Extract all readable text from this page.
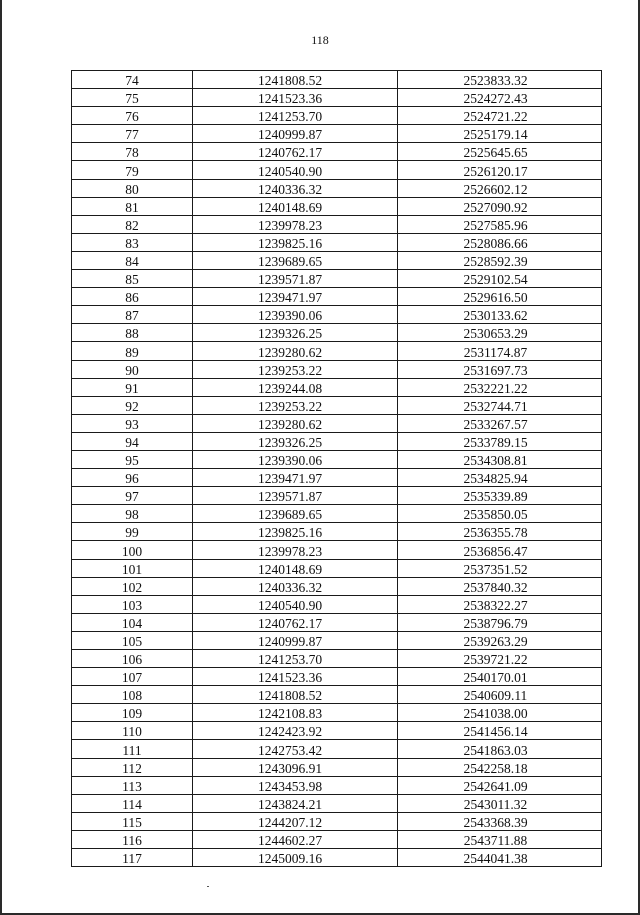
118
74	1241808.52	2523833.32
75	1241523.36	2524272.43
76	1241253.70	2524721.22
77	1240999.87	2525179.14
78	1240762.17	2525645.65
79	1240540.90	2526120.17
80	1240336.32	2526602.12
81	1240148.69	2527090.92
82	1239978.23	2527585.96
83	1239825.16	2528086.66
84	1239689.65	2528592.39
85	1239571.87	2529102.54
86	1239471.97	2529616.50
87	1239390.06	2530133.62
88	1239326.25	2530653.29
89	1239280.62	2531174.87
90	1239253.22	2531697.73
91	1239244.08	2532221.22
92	1239253.22	2532744.71
93	1239280.62	2533267.57
94	1239326.25	2533789.15
95	1239390.06	2534308.81
96	1239471.97	2534825.94
97	1239571.87	2535339.89
98	1239689.65	2535850.05
99	1239825.16	2536355.78
100	1239978.23	2536856.47
101	1240148.69	2537351.52
102	1240336.32	2537840.32
103	1240540.90	2538322.27
104	1240762.17	2538796.79
105	1240999.87	2539263.29
106	1241253.70	2539721.22
107	1241523.36	2540170.01
108	1241808.52	2540609.11
109	1242108.83	2541038.00
110	1242423.92	2541456.14
111	1242753.42	2541863.03
112	1243096.91	2542258.18
113	1243453.98	2542641.09
114	1243824.21	2543011.32
115	1244207.12	2543368.39
116	1244602.27	2543711.88
117	1245009.16	2544041.38
